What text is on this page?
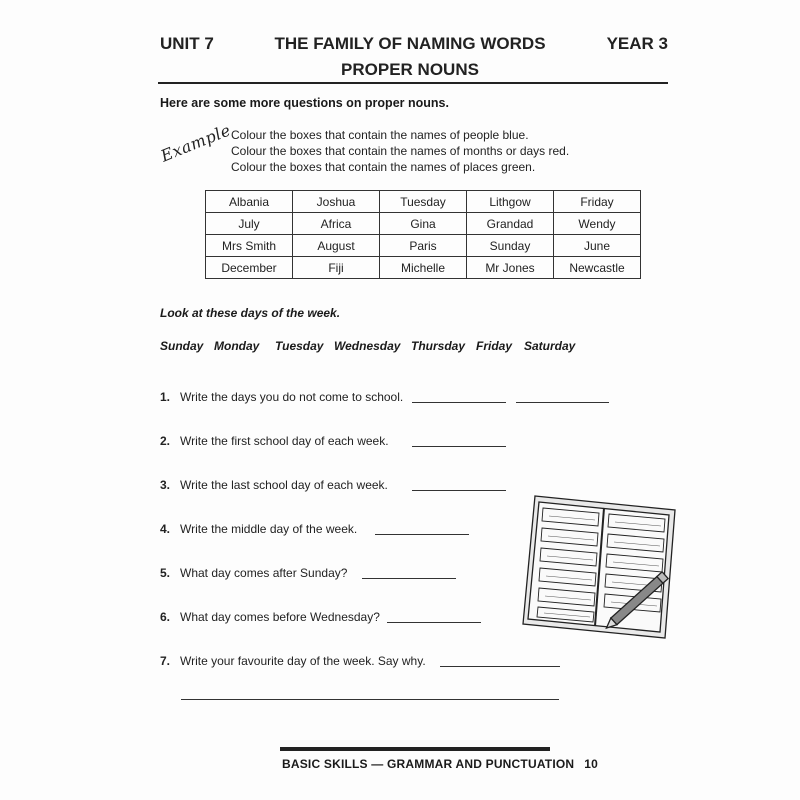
UNIT 7	THE FAMILY OF NAMING WORDS
PROPER NOUNS
YEAR 3
Here are some more questions on proper nouns.
Example
Colour the boxes that contain the names of people blue.
Colour the boxes that contain the names of months or days red.
Colour the boxes that contain the names of places green.
Albania	Joshua	Tuesday	Lithgow	Friday
July	Africa	Gina	Grandad	Wendy
Mrs Smith	August	Paris	Sunday	June
December	Fiji	Michelle	Mr Jones	Newcastle
Look at these days of the week.
Sunday Monday Tuesday Wednesday Thursday Friday Saturday
1. Write the days you do not come to school.
2. Write the first school day of each week.
3. Write the last school day of each week.
4. Write the middle day of the week.
5. What day comes after Sunday?
6. What day comes before Wednesday?
7. Write your favourite day of the week. Say why.
BASIC SKILLS — GRAMMAR AND PUNCTUATION 10
